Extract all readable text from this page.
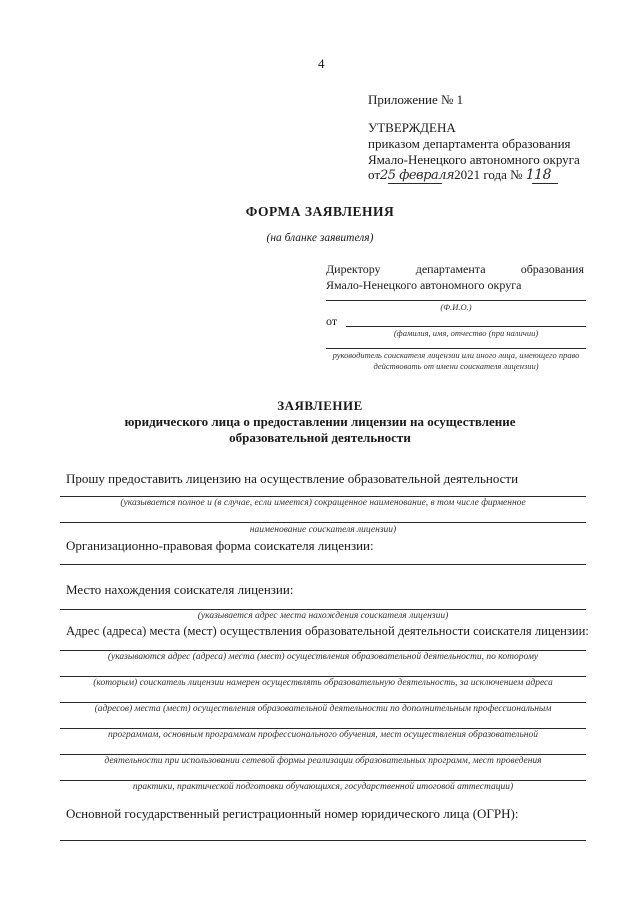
4
Приложение № 1
УТВЕРЖДЕНА
приказом департамента образования
Ямало-Ненецкого автономного округа
от25 февраля2021 года № 118
ФОРМА ЗАЯВЛЕНИЯ
(на бланке заявителя)
Директору	департамента	образования
Ямало-Ненецкого автономного округа
(Ф.И.О.)
от
(фамилия, имя, отчество (при наличии)
руководитель соискателя лицензии или иного лица, имеющего право
действовать от имени соискателя лицензии)
ЗАЯВЛЕНИЕ
юридического лица о предоставлении лицензии на осуществление
образовательной деятельности
Прошу предоставить лицензию на осуществление образовательной деятельности
(указывается полное и (в случае, если имеется) сокращенное наименование, в том числе фирменное
наименование соискателя лицензии)
Организационно-правовая форма соискателя лицензии:
Место нахождения соискателя лицензии:
(указывается адрес места нахождения соискателя лицензии)
Адрес (адреса) места (мест) осуществления образовательной деятельности соискателя лицензии:
(указываются адрес (адреса) места (мест) осуществления образовательной деятельности, по которому
(которым) соискатель лицензии намерен осуществлять образовательную деятельность, за исключением адреса
(адресов) места (мест) осуществления образовательной деятельности по дополнительным профессиональным
программам, основным программам профессионального обучения, мест осуществления образовательной
деятельности при использовании сетевой формы реализации образовательных программ, мест проведения
практики, практической подготовки обучающихся, государственной итоговой аттестации)
Основной государственный регистрационный номер юридического лица (ОГРН):
